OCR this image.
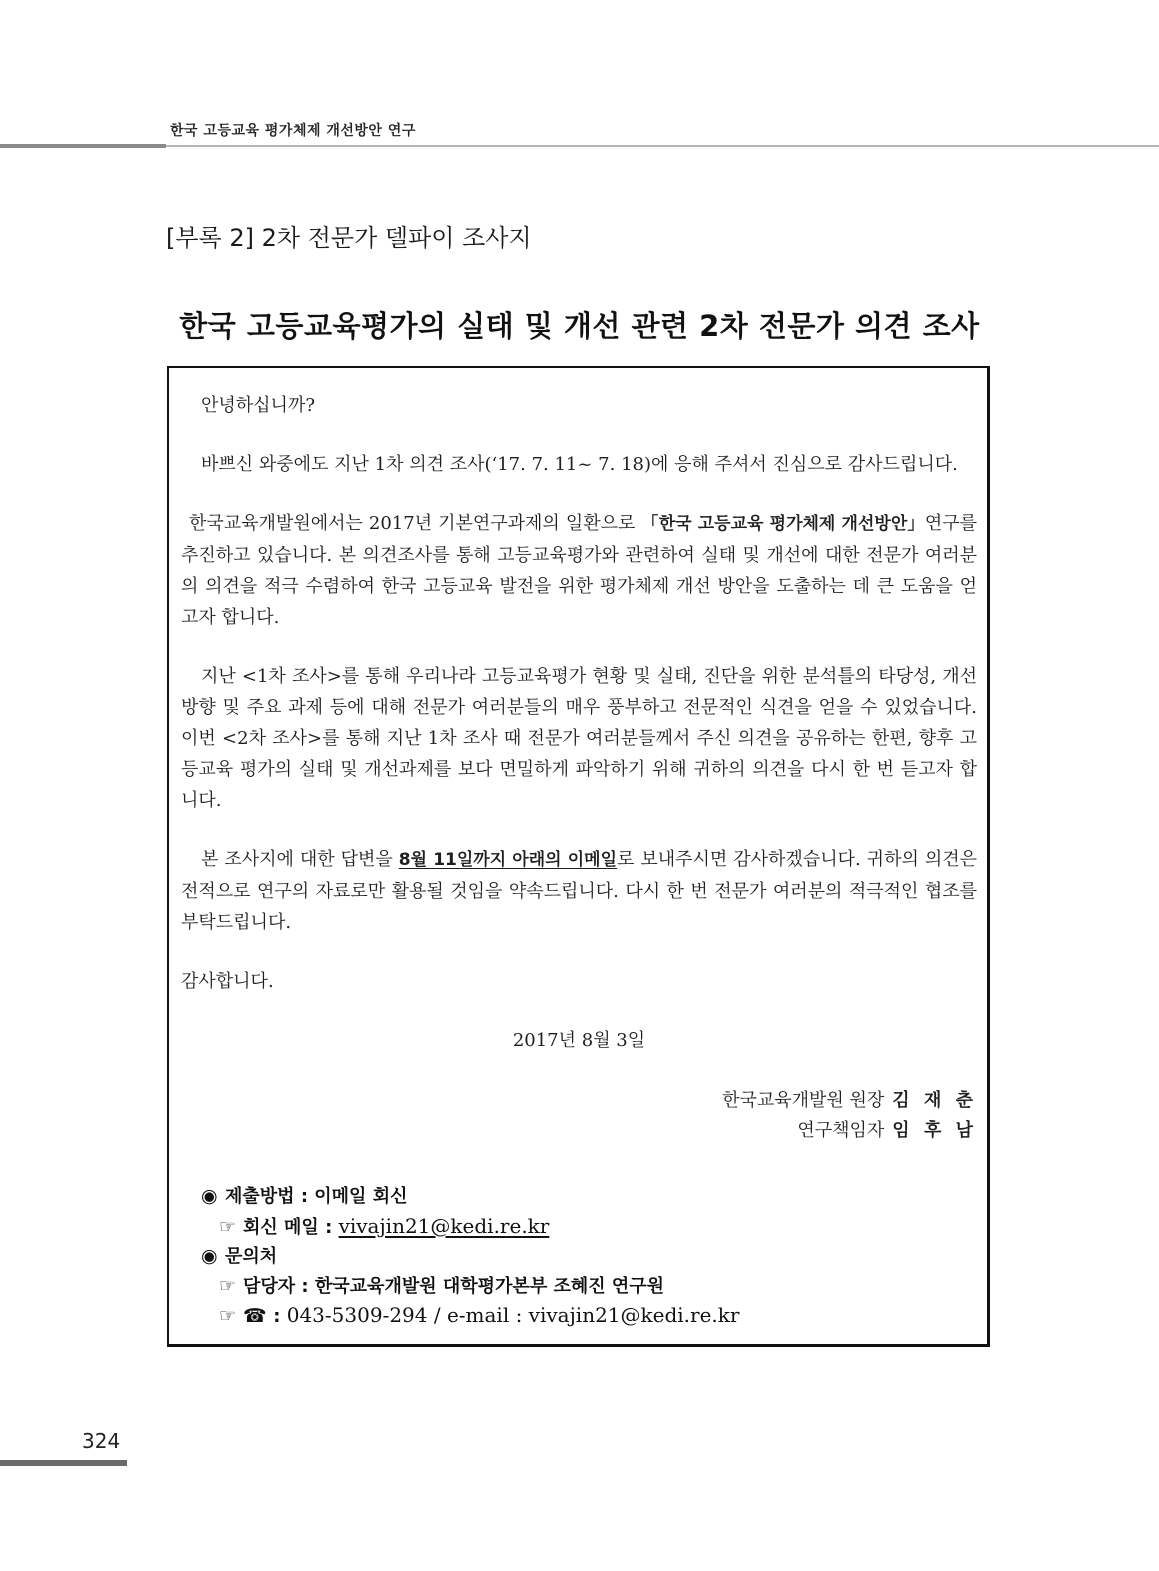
한국 고등교육 평가체제 개선방안 연구
[부록 2] 2차 전문가 델파이 조사지
한국 고등교육평가의 실태 및 개선 관련 2차 전문가 의견 조사

안녕하십니까?

바쁘신 와중에도 지난 1차 의견 조사(‘17. 7. 11~ 7. 18)에 응해 주셔서 진심으로 감사드립니다.

한국교육개발원에서는 2017년 기본연구과제의 일환으로 「한국 고등교육 평가체제 개선방안」연구를 추진하고 있습니다. 본 의견조사를 통해 고등교육평가와 관련하여 실태 및 개선에 대한 전문가 여러분의 의견을 적극 수렴하여 한국 고등교육 발전을 위한 평가체제 개선 방안을 도출하는 데 큰 도움을 얻고자 합니다.

지난 <1차 조사>를 통해 우리나라 고등교육평가 현황 및 실태, 진단을 위한 분석틀의 타당성, 개선방향 및 주요 과제 등에 대해 전문가 여러분들의 매우 풍부하고 전문적인 식견을 얻을 수 있었습니다. 이번 <2차 조사>를 통해 지난 1차 조사 때 전문가 여러분들께서 주신 의견을 공유하는 한편, 향후 고등교육 평가의 실태 및 개선과제를 보다 면밀하게 파악하기 위해 귀하의 의견을 다시 한 번 듣고자 합니다.

본 조사지에 대한 답변을 8월 11일까지 아래의 이메일로 보내주시면 감사하겠습니다. 귀하의 의견은 전적으로 연구의 자료로만 활용될 것임을 약속드립니다. 다시 한 번 전문가 여러분의 적극적인 협조를 부탁드립니다.

감사합니다.

2017년 8월 3일
한국교육개발원 원장 김 재 춘
연구책임자 임 후 남
◉ 제출방법 : 이메일 회신
☞ 회신 메일 : vivajin21@kedi.re.kr
◉ 문의처
☞ 담당자 : 한국교육개발원 대학평가본부 조혜진 연구원
☞ ☎ : 043-5309-294 / e-mail : vivajin21@kedi.re.kr
324
